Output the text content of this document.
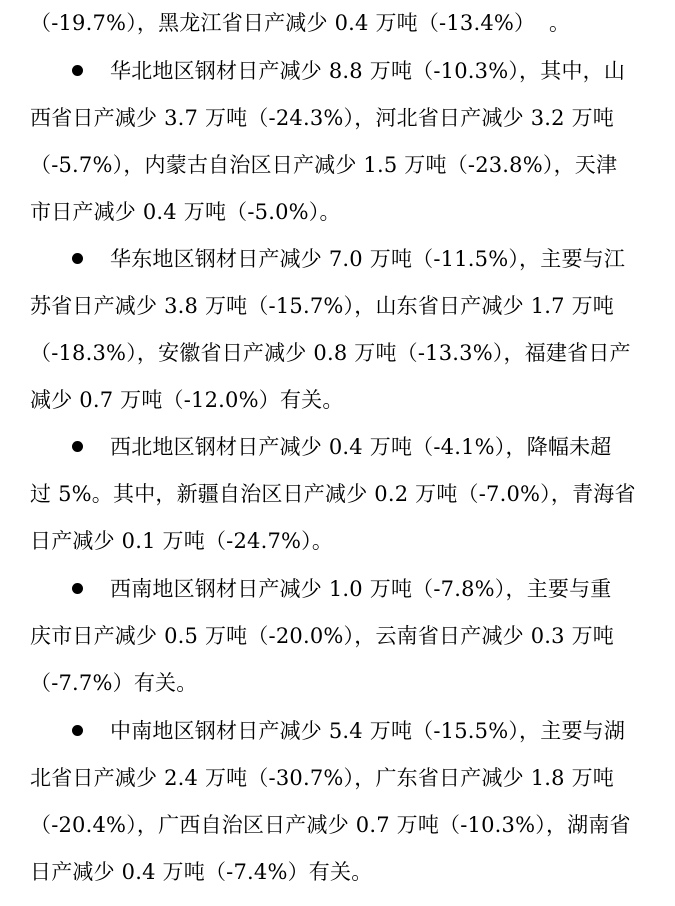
（-19.7%），黑龙江省日产减少 0.4 万吨（-13.4%）  。
华北地区钢材日产减少 8.8 万吨（-10.3%），其中，山
西省日产减少 3.7 万吨（-24.3%），河北省日产减少 3.2 万吨
（-5.7%），内蒙古自治区日产减少 1.5 万吨（-23.8%），天津
市日产减少 0.4 万吨（-5.0%）。
华东地区钢材日产减少 7.0 万吨（-11.5%），主要与江
苏省日产减少 3.8 万吨（-15.7%），山东省日产减少 1.7 万吨
（-18.3%），安徽省日产减少 0.8 万吨（-13.3%），福建省日产
减少 0.7 万吨（-12.0%）有关。
西北地区钢材日产减少 0.4 万吨（-4.1%），降幅未超
过 5%。其中，新疆自治区日产减少 0.2 万吨（-7.0%），青海省
日产减少 0.1 万吨（-24.7%）。
西南地区钢材日产减少 1.0 万吨（-7.8%），主要与重
庆市日产减少 0.5 万吨（-20.0%），云南省日产减少 0.3 万吨
（-7.7%）有关。
中南地区钢材日产减少 5.4 万吨（-15.5%），主要与湖
北省日产减少 2.4 万吨（-30.7%），广东省日产减少 1.8 万吨
（-20.4%），广西自治区日产减少 0.7 万吨（-10.3%），湖南省
日产减少 0.4 万吨（-7.4%）有关。
